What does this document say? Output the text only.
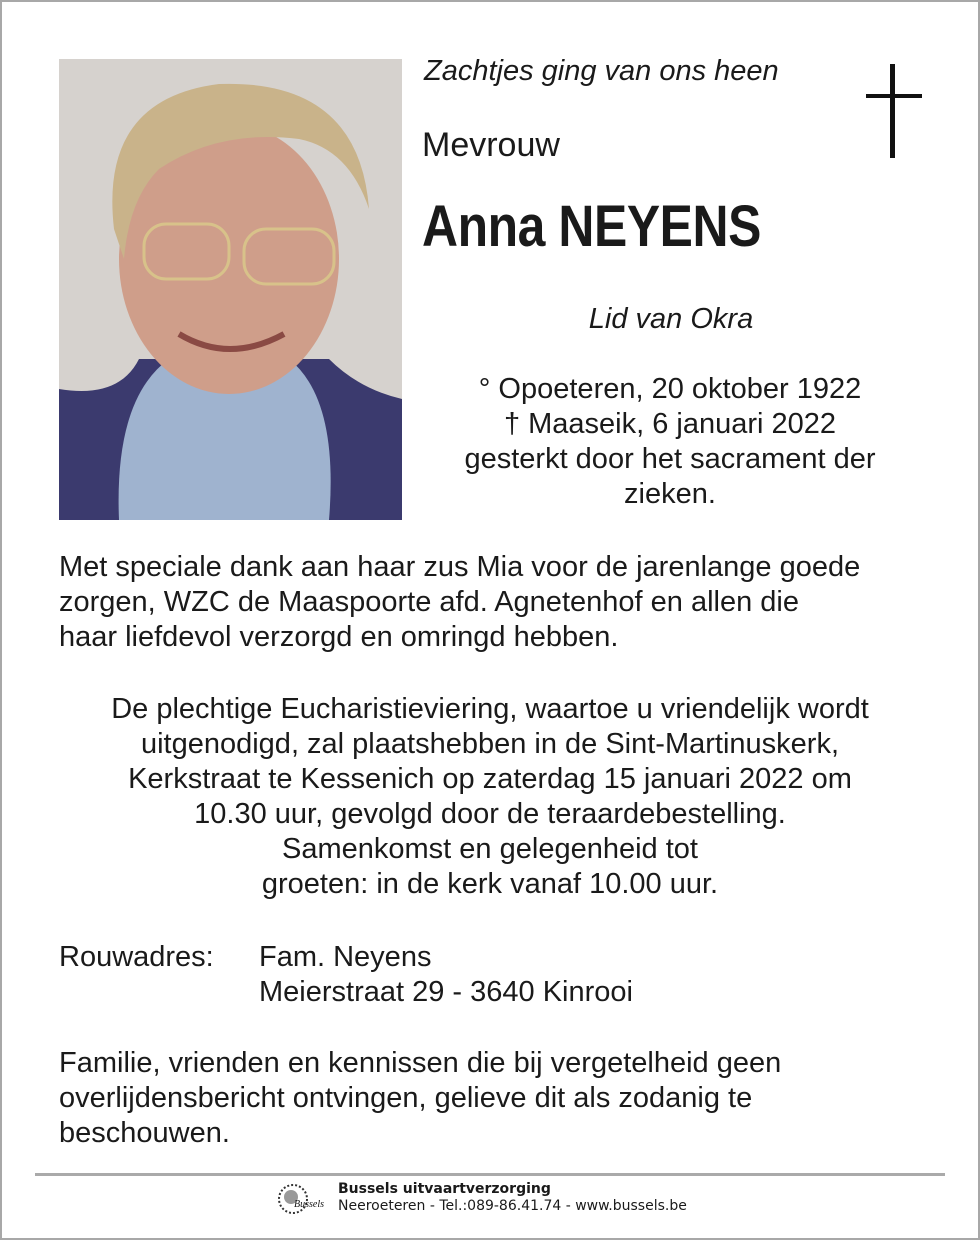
Zachtjes ging van ons heen
Mevrouw
Anna NEYENS
Lid van Okra
° Opoeteren, 20 oktober 1922
† Maaseik, 6 januari 2022
gesterkt door het sacrament der
zieken.
Met speciale dank aan haar zus Mia voor de jarenlange goede
zorgen, WZC de Maaspoorte afd. Agnetenhof en allen die
haar liefdevol verzorgd en omringd hebben.
De plechtige Eucharistieviering, waartoe u vriendelijk wordt
uitgenodigd, zal plaatshebben in de Sint-Martinuskerk,
Kerkstraat te Kessenich op zaterdag 15 januari 2022 om
10.30 uur, gevolgd door de teraardebestelling.
Samenkomst en gelegenheid tot
groeten: in de kerk vanaf 10.00 uur.
Rouwadres: Fam. Neyens
Meierstraat 29 - 3640 Kinrooi
Familie, vrienden en kennissen die bij vergetelheid geen
overlijdensbericht ontvingen, gelieve dit als zodanig te
beschouwen.
Bussels
Bussels uitvaartverzorging
Neeroeteren - Tel.:089-86.41.74 - www.bussels.be
